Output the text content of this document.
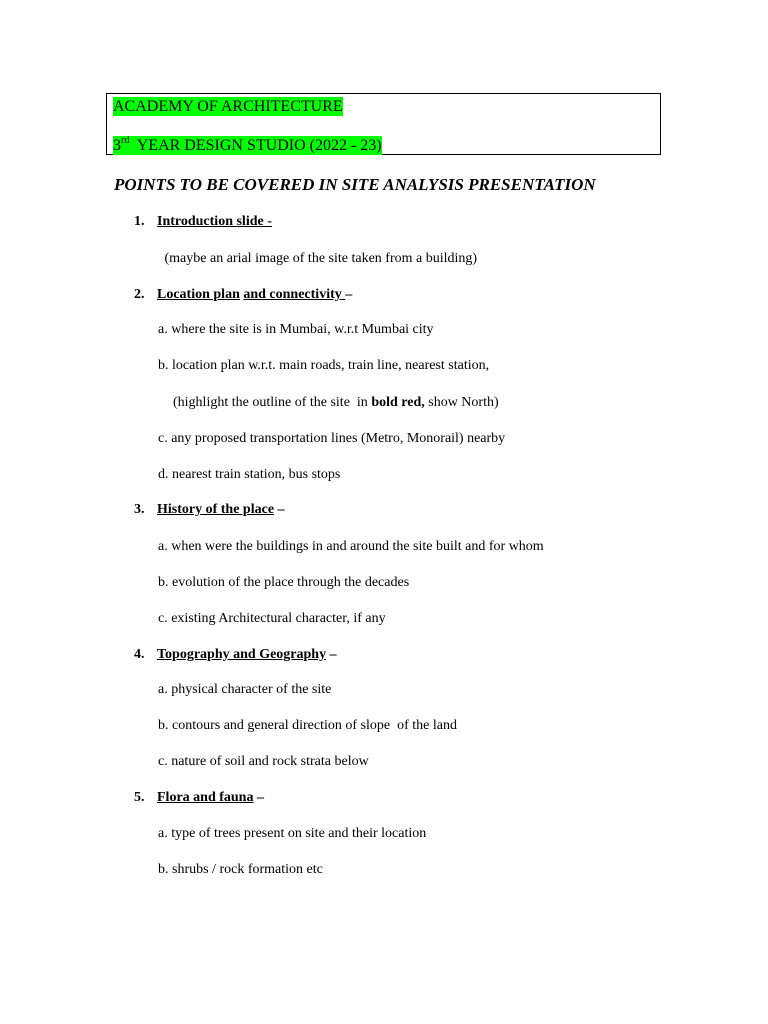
ACADEMY OF ARCHITECTURE
3rd  YEAR DESIGN STUDIO (2022 - 23)
POINTS TO BE COVERED IN SITE ANALYSIS PRESENTATION
1. Introduction slide -
(maybe an arial image of the site taken from a building)
2. Location plan and connectivity –
a. where the site is in Mumbai, w.r.t Mumbai city
b. location plan w.r.t. main roads, train line, nearest station,
(highlight the outline of the site  in bold red, show North)
c. any proposed transportation lines (Metro, Monorail) nearby
d. nearest train station, bus stops
3. History of the place –
a. when were the buildings in and around the site built and for whom
b. evolution of the place through the decades
c. existing Architectural character, if any
4. Topography and Geography –
a. physical character of the site
b. contours and general direction of slope  of the land
c. nature of soil and rock strata below
5. Flora and fauna –
a. type of trees present on site and their location
b. shrubs / rock formation etc
